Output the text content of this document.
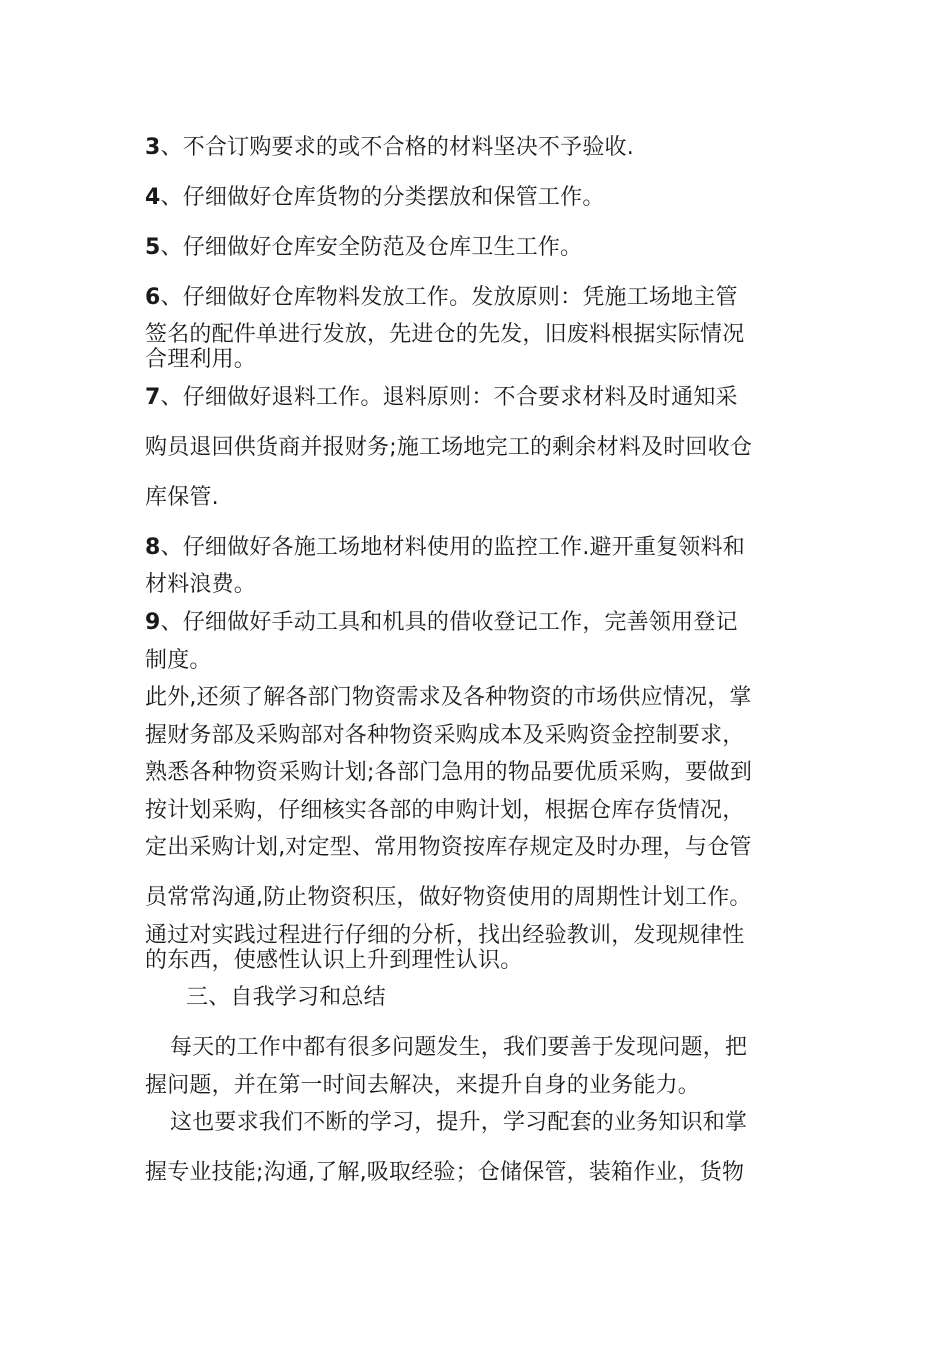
3、不合订购要求的或不合格的材料坚决不予验收.
4、仔细做好仓库货物的分类摆放和保管工作。
5、仔细做好仓库安全防范及仓库卫生工作。
6、仔细做好仓库物料发放工作。发放原则：凭施工场地主管
签名的配件单进行发放，先进仓的先发，旧废料根据实际情况
合理利用。
7、仔细做好退料工作。退料原则：不合要求材料及时通知采
购员退回供货商并报财务;施工场地完工的剩余材料及时回收仓
库保管.
8、仔细做好各施工场地材料使用的监控工作.避开重复领料和
材料浪费。
9、仔细做好手动工具和机具的借收登记工作，完善领用登记
制度。
此外,还须了解各部门物资需求及各种物资的市场供应情况，掌
握财务部及采购部对各种物资采购成本及采购资金控制要求，
熟悉各种物资采购计划;各部门急用的物品要优质采购，要做到
按计划采购，仔细核实各部的申购计划，根据仓库存货情况，
定出采购计划,对定型、常用物资按库存规定及时办理，与仓管
员常常沟通,防止物资积压，做好物资使用的周期性计划工作。
通过对实践过程进行仔细的分析，找出经验教训，发现规律性
的东西，使感性认识上升到理性认识。
三、自我学习和总结
每天的工作中都有很多问题发生，我们要善于发现问题，把
握问题，并在第一时间去解决，来提升自身的业务能力。
这也要求我们不断的学习，提升，学习配套的业务知识和掌
握专业技能;沟通,了解,吸取经验；仓储保管，装箱作业，货物
